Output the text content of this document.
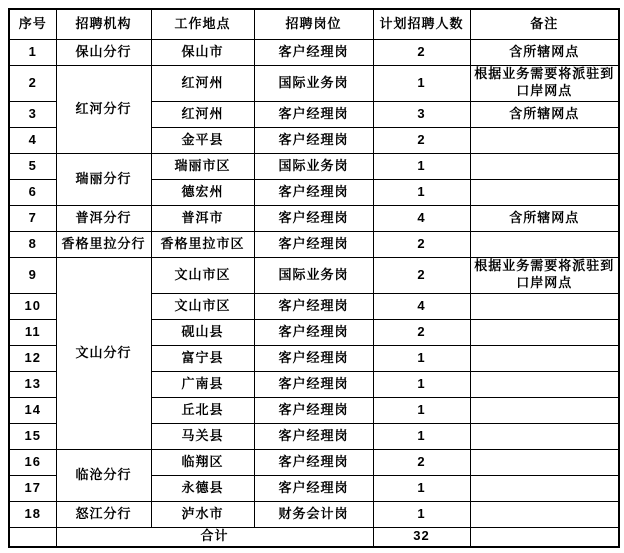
序号	招聘机构	工作地点	招聘岗位	计划招聘人数	备注
1	保山分行	保山市	客户经理岗	2	含所辖网点
2	红河分行	红河州	国际业务岗	1	根据业务需要将派驻到口岸网点
3		红河州	客户经理岗	3	含所辖网点
4		金平县	客户经理岗	2	
5	瑞丽分行	瑞丽市区	国际业务岗	1	
6		德宏州	客户经理岗	1	
7	普洱分行	普洱市	客户经理岗	4	含所辖网点
8	香格里拉分行	香格里拉市区	客户经理岗	2	
9	文山分行	文山市区	国际业务岗	2	根据业务需要将派驻到口岸网点
10		文山市区	客户经理岗	4	
11		砚山县	客户经理岗	2	
12		富宁县	客户经理岗	1	
13		广南县	客户经理岗	1	
14		丘北县	客户经理岗	1	
15		马关县	客户经理岗	1	
16	临沧分行	临翔区	客户经理岗	2	
17		永德县	客户经理岗	1	
18	怒江分行	泸水市	财务会计岗	1	
	合计			32	
